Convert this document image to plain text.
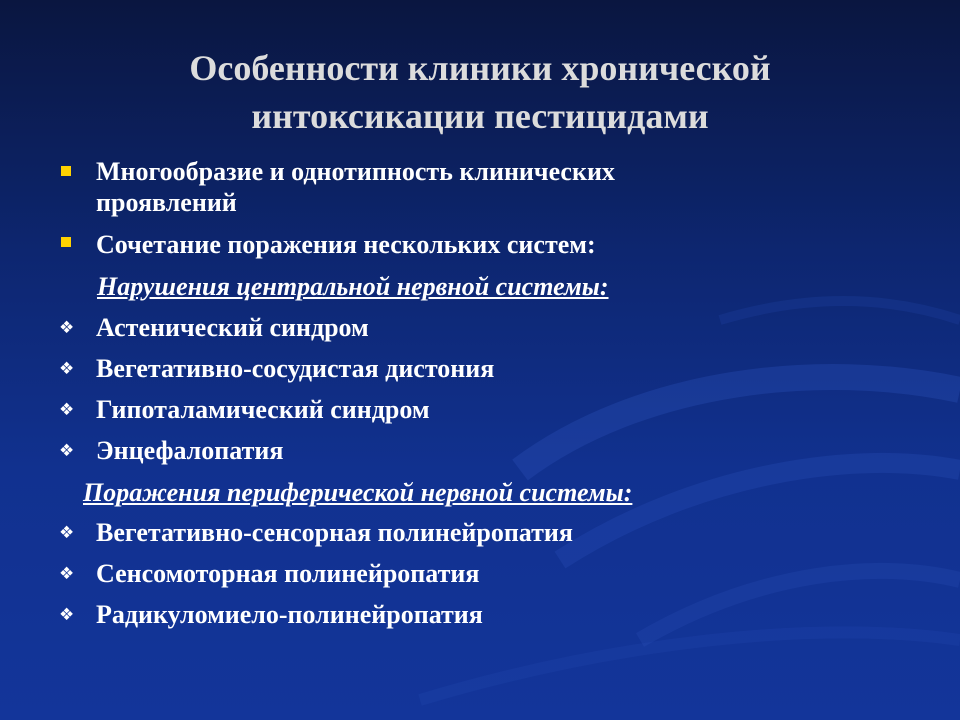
Особенности клиники хронической
интоксикации пестицидами
Многообразие и однотипность клинических
проявлений
Сочетание поражения нескольких систем:
Нарушения центральной нервной системы:
❖ Астенический синдром
❖ Вегетативно-сосудистая дистония
❖ Гипоталамический синдром
❖ Энцефалопатия
Поражения периферической нервной системы:
❖ Вегетативно-сенсорная полинейропатия
❖ Сенсомоторная полинейропатия
❖ Радикуломиело-полинейропатия
